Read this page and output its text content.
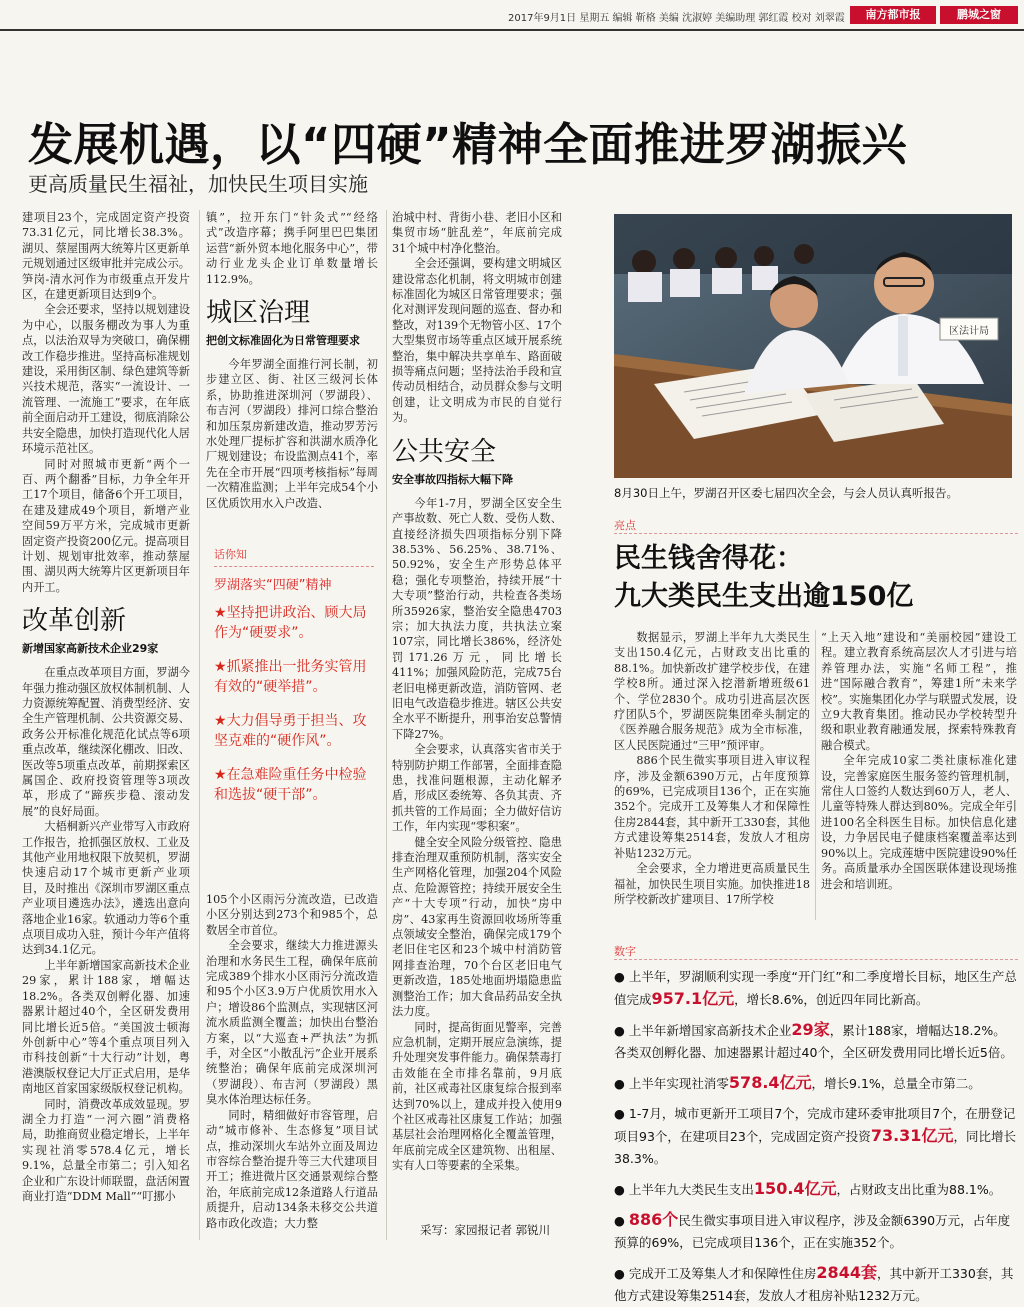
2017年9月1日 星期五 编辑 靳格 美编 沈淑婷 美编助理 郭红霞 校对 刘翠霞	南方都市报	鹏城之窗
发展机遇，以“四硬”精神全面推进罗湖振兴
更高质量民生福祉，加快民生项目实施

建项目23个，完成固定资产投资73.31亿元，同比增长38.3%。湖贝、蔡屋围两大统筹片区更新单元规划通过区级审批并完成公示。笋岗-清水河作为市级重点开发片区，在建更新项目达到9个。

全会还要求，坚持以规划建设为中心，以服务棚改为事人为重点，以法治双导为突破口，确保棚改工作稳步推进。坚持高标准规划建设，采用街区制、绿色建筑等新兴技术规范，落实“一流设计、一流管理、一流施工”要求，在年底前全面启动开工建设，彻底消除公共安全隐患，加快打造现代化人居环境示范社区。

同时对照城市更新“两个一百、两个翻番”目标，力争全年开工17个项目，储备6个开工项目，在建及建成49个项目，新增产业空间59万平方米，完成城市更新固定资产投资200亿元。提高项目计划、规划审批效率，推动蔡屋围、湖贝两大统筹片区更新项目年内开工。

改革创新
新增国家高新技术企业29家

在重点改革项目方面，罗湖今年强力推动强区放权体制机制、人力资源统筹配置、消费型经济、安全生产管理机制、公共资源交易、政务公开标准化规范化试点等6项重点改革，继续深化棚改、旧改、医改等5项重点改革，前期探索区属国企、政府投资管理等3项改革，形成了“蹄疾步稳、滚动发展”的良好局面。

大梧桐新兴产业带写入市政府工作报告，抢抓强区放权、工业及其他产业用地权限下放契机，罗湖快速启动17个城市更新产业项目，及时推出《深圳市罗湖区重点产业项目遴选办法》，遴选出意向落地企业16家。软通动力等6个重点项目成功入驻，预计今年产值将达到34.1亿元。

上半年新增国家高新技术企业29家，累计188家，增幅达18.2%。各类双创孵化器、加速器累计超过40个，全区研发费用同比增长近5倍。“美国波士顿海外创新中心”等4个重点项目列入市科技创新“十大行动”计划，粤港澳版权登记大厅正式启用，是华南地区首家国家级版权登记机构。

同时，消费改革成效显现。罗湖全力打造“一河六圈”消费格局，助推商贸业稳定增长，上半年实现社消零578.4亿元，增长9.1%，总量全市第二；引入知名企业和广东设计师联盟，盘活闲置商业打造“DDM Mall”“叮挪小

镇”，拉开东门“针灸式”“经络式”改造序幕；携手阿里巴巴集团运营“新外贸本地化服务中心”，带动行业龙头企业订单数量增长112.9%。

城区治理
把创文标准固化为日常管理要求

今年罗湖全面推行河长制，初步建立区、街、社区三级河长体系，协助推进深圳河（罗湖段）、布吉河（罗湖段）排河口综合整治和加压泵房新建改造，推动罗芳污水处理厂提标扩容和洪湖水质净化厂规划建设；布设监测点41个，率先在全市开展“四项考核指标”每周一次精准监测；上半年完成54个小区优质饮用水入户改造、

话你知
罗湖落实“四硬”精神
★坚持把讲政治、顾大局作为“硬要求”。
★抓紧推出一批务实管用有效的“硬举措”。
★大力倡导勇于担当、攻坚克难的“硬作风”。
★在急难险重任务中检验和选拔“硬干部”。

105个小区雨污分流改造，已改造小区分别达到273个和985个，总数居全市首位。

全会要求，继续大力推进源头治理和水务民生工程，确保年底前完成389个排水小区雨污分流改造和95个小区3.9万户优质饮用水入户；增设86个监测点，实现辖区河流水质监测全覆盖；加快出台整治方案，以“大巡查+严执法”为抓手，对全区“小散乱污”企业开展系统整治；确保年底前完成深圳河（罗湖段）、布吉河（罗湖段）黑臭水体治理达标任务。

同时，精细做好市容管理，启动“城市修补、生态修复”项目试点，推动深圳火车站外立面及周边市容综合整治提升等三大代建项目开工；推进微片区交通景观综合整治，年底前完成12条道路人行道品质提升，启动134条未移交公共道路市政化改造；大力整

治城中村、背街小巷、老旧小区和集贸市场“脏乱差”，年底前完成31个城中村净化整治。

全会还强调，要构建文明城区建设常态化机制，将文明城市创建标准固化为城区日常管理要求；强化对测评发现问题的巡查、督办和整改，对139个无物管小区、17个大型集贸市场等重点区域开展系统整治，集中解决共享单车、路面破损等痛点问题；坚持法治手段和宣传动员相结合，动员群众参与文明创建，让文明成为市民的自觉行为。

公共安全
安全事故四指标大幅下降

今年1-7月，罗湖全区安全生产事故数、死亡人数、受伤人数、直接经济损失四项指标分别下降38.53%、56.25%、38.71%、50.92%，安全生产形势总体平稳；强化专项整治，持续开展“十大专项”整治行动，共检查各类场所35926家，整治安全隐患4703宗；加大执法力度，共执法立案107宗，同比增长386%，经济处罚171.26万元，同比增长411%；加强风险防范，完成75台老旧电梯更新改造，消防管网、老旧电气改造稳步推进。辖区公共安全水平不断提升，刑事治安总警情下降27%。

全会要求，认真落实省市关于特别防护期工作部署，全面排查隐患，找准问题根源，主动化解矛盾，形成区委统筹、各负其责、齐抓共管的工作局面；全力做好信访工作，年内实现“零积案”。

健全安全风险分级管控、隐患排查治理双重预防机制，落实安全生产网格化管理，加强204个风险点、危险源管控；持续开展安全生产“十大专项”行动，加快“房中房”、43家再生资源回收场所等重点领域安全整治，确保完成179个老旧住宅区和23个城中村消防管网排查治理，70个台区老旧电气更新改造，185处地面坍塌隐患监测整治工作；加大食品药品安全执法力度。

同时，提高街面见警率，完善应急机制，定期开展应急演练，提升处理突发事件能力。确保禁毒打击效能在全市排名靠前，9月底前，社区戒毒社区康复综合报到率达到70%以上，建成并投入使用9个社区戒毒社区康复工作站；加强基层社会治理网格化全覆盖管理，年底前完成全区建筑物、出租屋、实有人口等要素的全采集。

采写：家园报记者 郭锐川
区法计局
8月30日上午，罗湖召开区委七届四次全会，与会人员认真听报告。
亮点
民生钱舍得花：
九大类民生支出逾150亿

数据显示，罗湖上半年九大类民生支出150.4亿元，占财政支出比重的88.1%。加快新改扩建学校步伐，在建学校8所。通过深入挖潜新增班级61个、学位2830个。成功引进高层次医疗团队5个，罗湖医院集团牵头制定的《医养融合服务规范》成为全市标准，区人民医院通过“三甲”预评审。

886个民生微实事项目进入审议程序，涉及金额6390万元，占年度预算的69%，已完成项目136个，正在实施352个。完成开工及筹集人才和保障性住房2844套，其中新开工330套，其他方式建设筹集2514套，发放人才租房补贴1232万元。

全会要求，全力增进更高质量民生福祉，加快民生项目实施。加快推进18所学校新改扩建项目、17所学校

“上天入地”建设和“美丽校园”建设工程。建立教育系统高层次人才引进与培养管理办法，实施“名师工程”，推进“国际融合教育”，筹建1所“未来学校”。实施集团化办学与联盟式发展，设立9大教育集团。推动民办学校转型升级和职业教育融通发展，探索特殊教育融合模式。

全年完成10家二类社康标准化建设，完善家庭医生服务签约管理机制，常住人口签约人数达到60万人，老人、儿童等特殊人群达到80%。完成全年引进100名全科医生目标。加快信息化建设，力争居民电子健康档案覆盖率达到90%以上。完成莲塘中医院建设90%任务。高质量承办全国医联体建设现场推进会和培训班。

数字
● 上半年，罗湖顺利实现一季度“开门红”和二季度增长目标，地区生产总值完成957.1亿元，增长8.6%，创近四年同比新高。
● 上半年新增国家高新技术企业29家，累计188家，增幅达18.2%。各类双创孵化器、加速器累计超过40个，全区研发费用同比增长近5倍。
● 上半年实现社消零578.4亿元，增长9.1%，总量全市第二。
● 1-7月，城市更新开工项目7个，完成市建环委审批项目7个，在册登记项目93个，在建项目23个，完成固定资产投资73.31亿元，同比增长38.3%。
● 上半年九大类民生支出150.4亿元，占财政支出比重为88.1%。
● 886个民生微实事项目进入审议程序，涉及金额6390万元，占年度预算的69%，已完成项目136个，正在实施352个。
● 完成开工及筹集人才和保障性住房2844套，其中新开工330套，其他方式建设筹集2514套，发放人才租房补贴1232万元。
